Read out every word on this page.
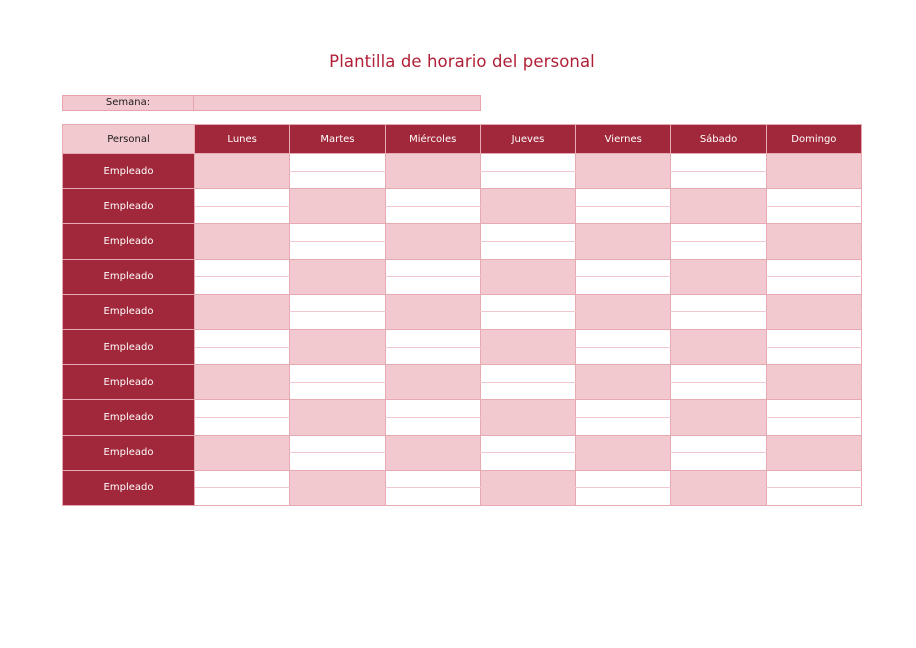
Plantilla de horario del personal
Semana:
Personal	Lunes	Martes	Miércoles	Jueves	Viernes	Sábado	Domingo
Empleado							

Empleado							

Empleado							

Empleado							

Empleado							

Empleado							

Empleado							

Empleado							

Empleado							

Empleado							
